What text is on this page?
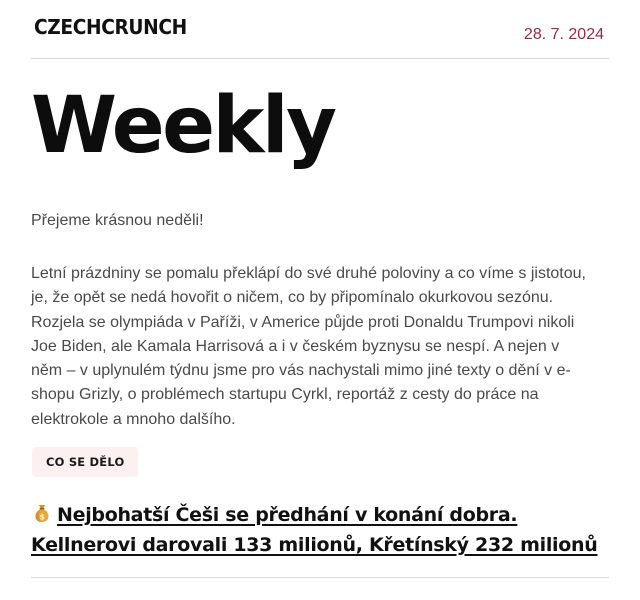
CZECHCRUNCH	28. 7. 2024
Weekly

Přejeme krásnou neděli!

Letní prázdniny se pomalu překlápí do své druhé poloviny a co víme s jistotou, je, že opět se nedá hovořit o ničem, co by připomínalo okurkovou sezónu. Rozjela se olympiáda v Paříži, v Americe půjde proti Donaldu Trumpovi nikoli Joe Biden, ale Kamala Harrisová a i v českém byznysu se nespí. A nejen v něm – v uplynulém týdnu jsme pro vás nachystali mimo jiné texty o dění v e-shopu Grizly, o problémech startupu Cyrkl, reportáž z cesty do práce na elektrokole a mnoho dalšího.

CO SE DĚLO
$ Nejbohatší Češi se předhání v konání dobra. Kellnerovi darovali 133 milionů, Křetínský 232 milionů
